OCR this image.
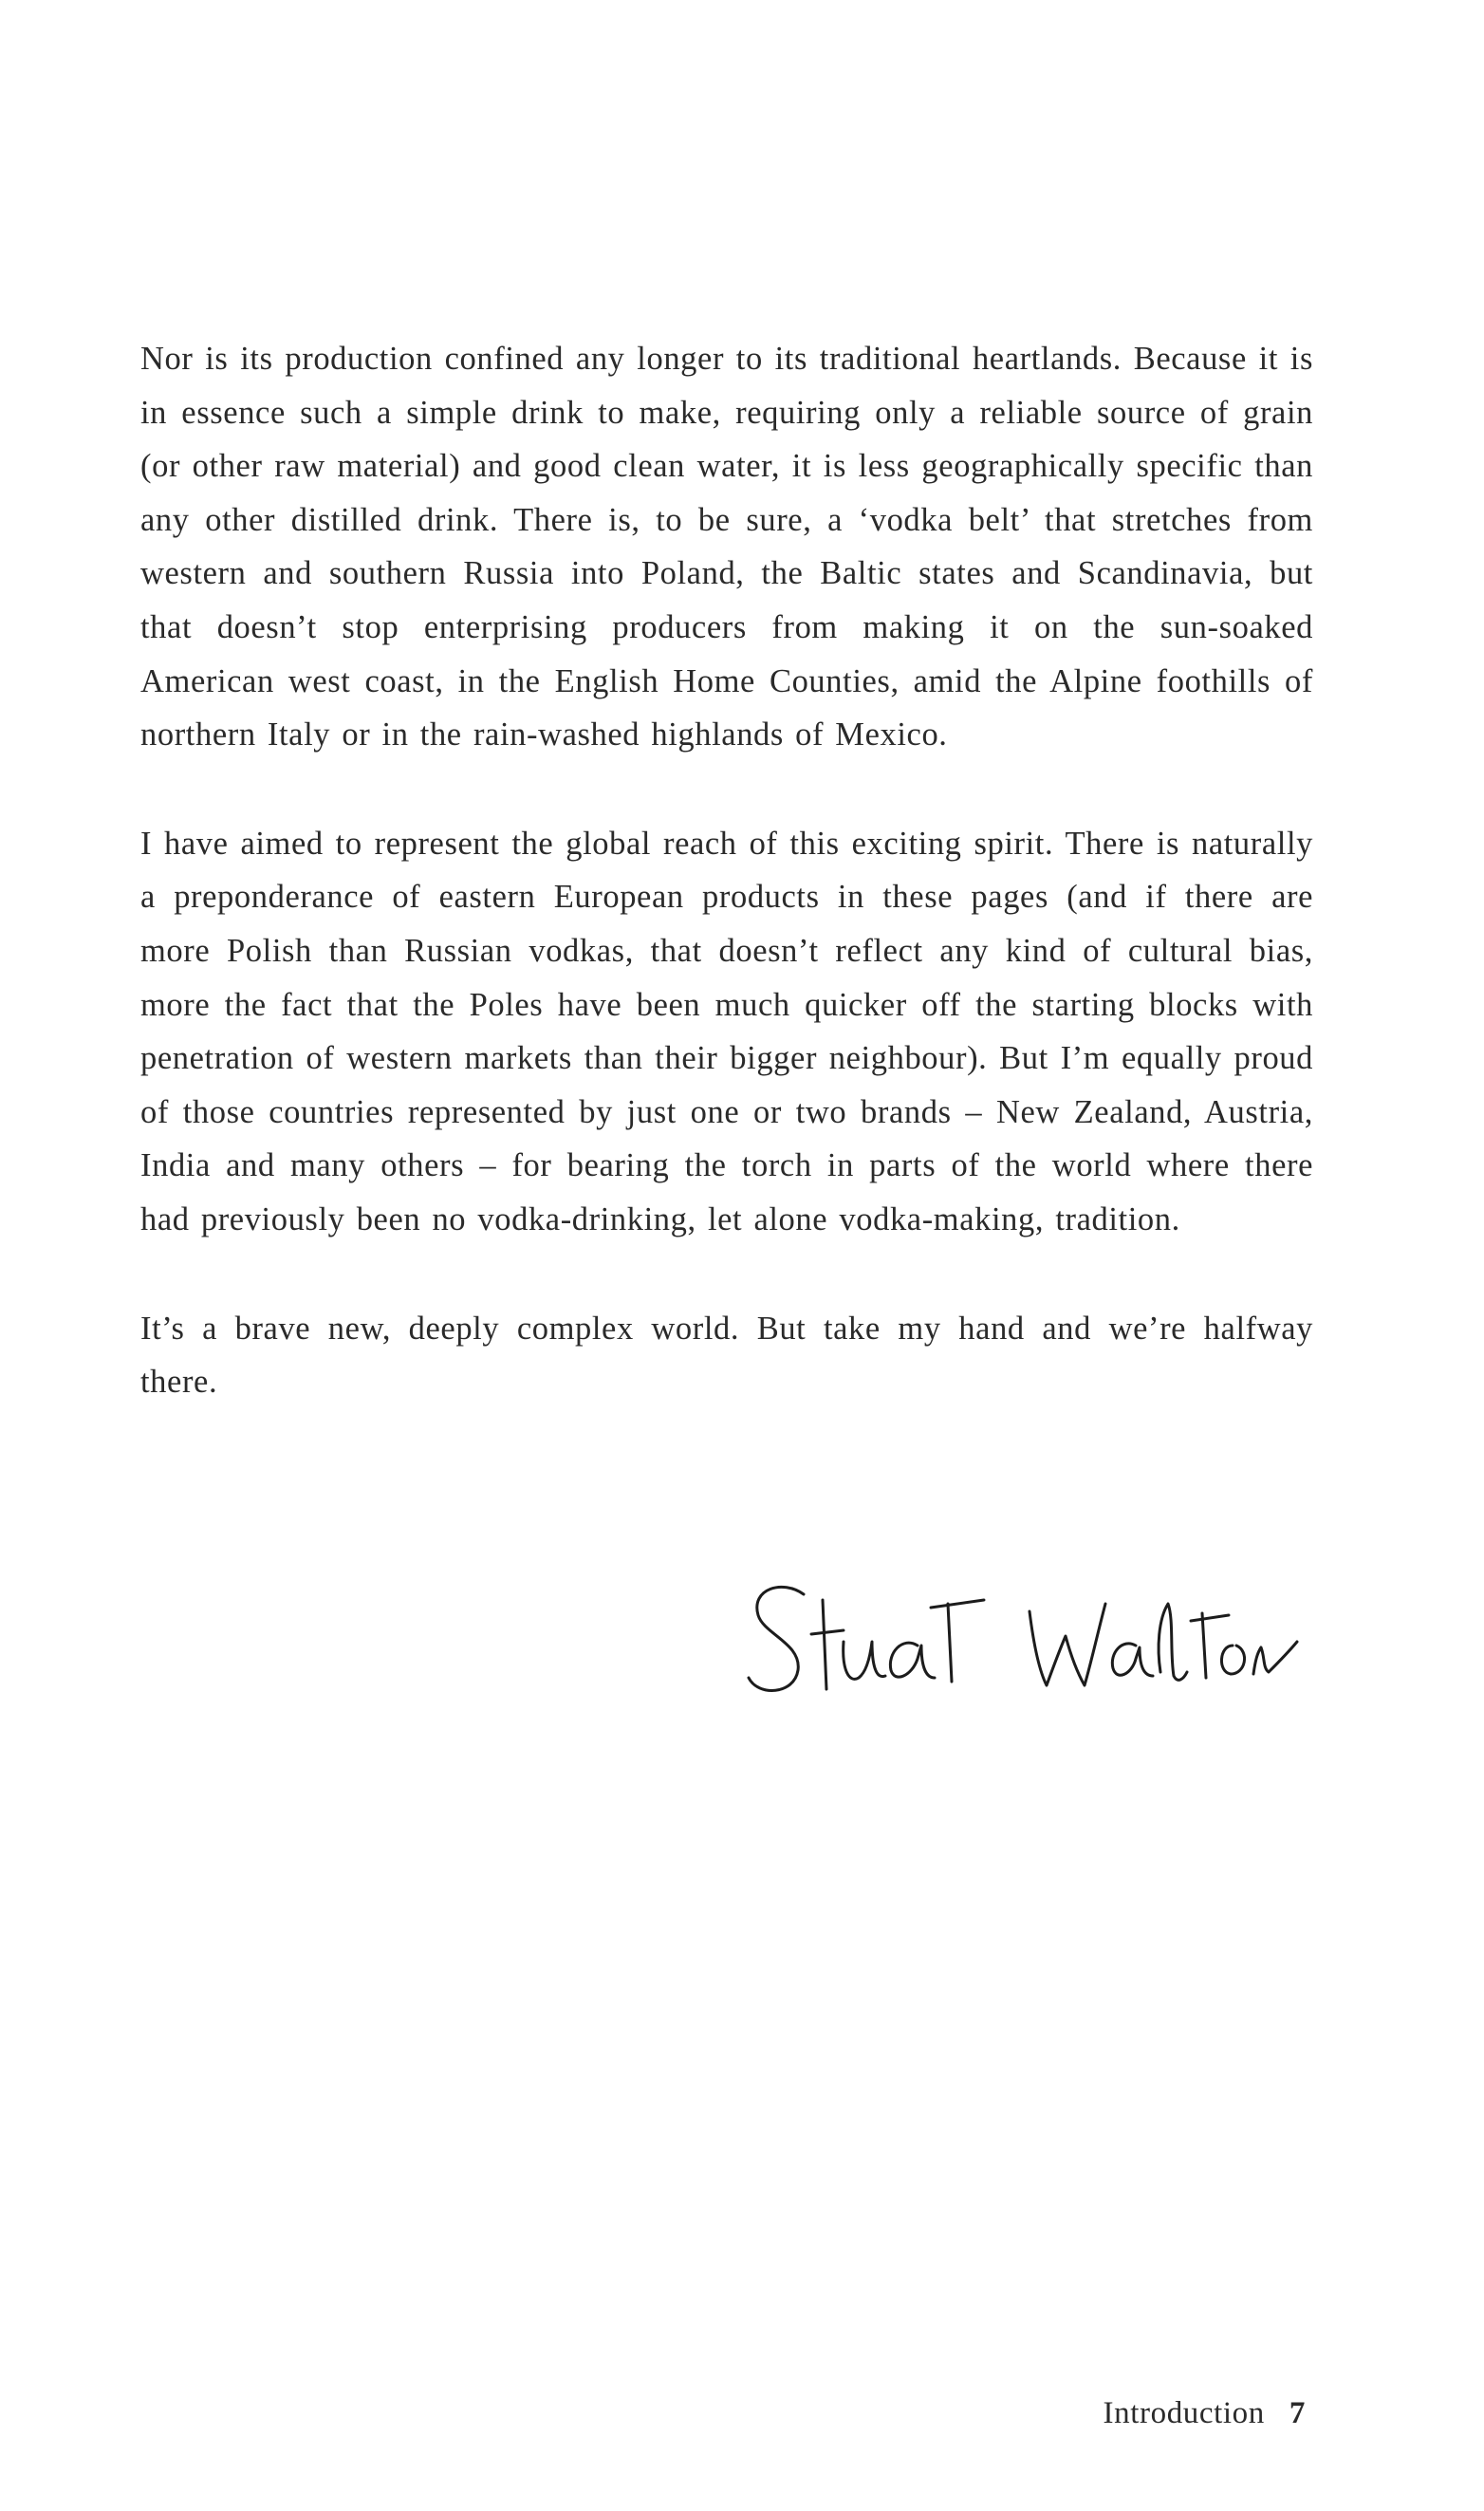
Nor is its production confined any longer to its traditional heartlands. Because it is in essence such a simple drink to make, requiring only a reliable source of grain (or other raw material) and good clean water, it is less geographically specific than any other distilled drink. There is, to be sure, a ‘vodka belt’ that stretches from western and southern Russia into Poland, the Baltic states and Scandinavia, but that doesn’t stop enterprising producers from making it on the sun-soaked American west coast, in the English Home Counties, amid the Alpine foothills of northern Italy or in the rain-washed highlands of Mexico.

I have aimed to represent the global reach of this exciting spirit. There is naturally a preponderance of eastern European products in these pages (and if there are more Polish than Russian vodkas, that doesn’t reflect any kind of cultural bias, more the fact that the Poles have been much quicker off the starting blocks with penetration of western markets than their bigger neighbour). But I’m equally proud of those countries represented by just one or two brands – New Zealand, Austria, India and many others – for bearing the torch in parts of the world where there had previously been no vodka-drinking, let alone vodka-making, tradition.

It’s a brave new, deeply complex world. But take my hand and we’re halfway there.

Introduction 7
